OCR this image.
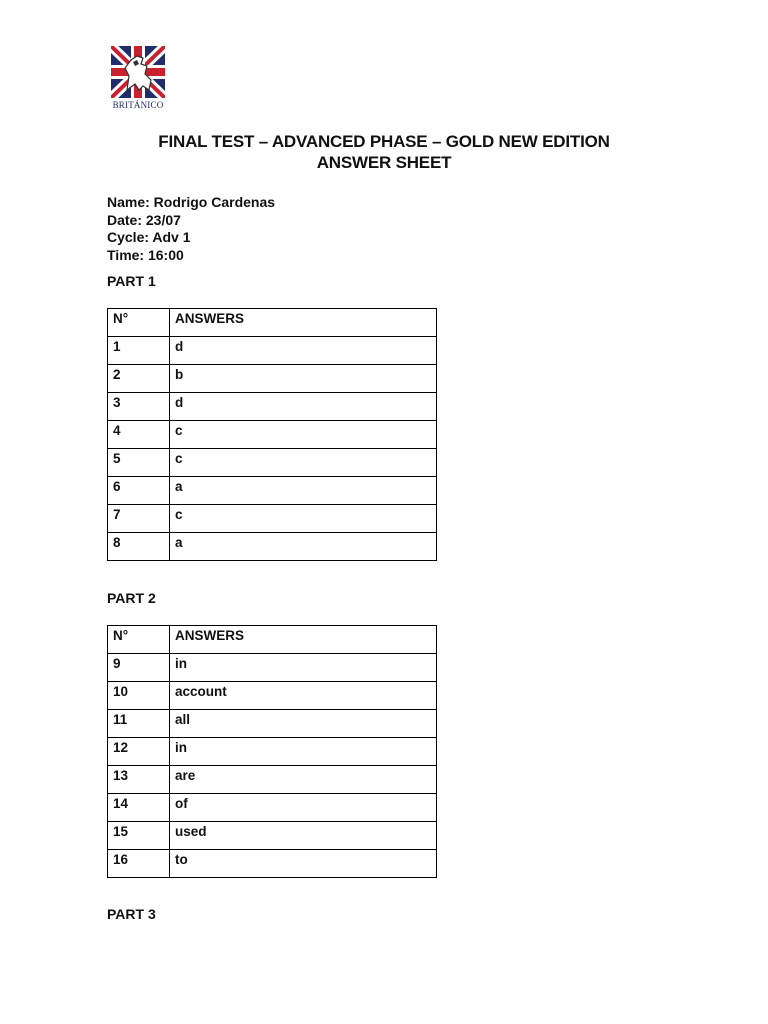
BRITÁNICO
FINAL TEST – ADVANCED PHASE – GOLD NEW EDITION
ANSWER SHEET
Name: Rodrigo Cardenas
Date: 23/07
Cycle: Adv 1
Time: 16:00
PART 1
N°	ANSWERS
1	d
2	b
3	d
4	c
5	c
6	a
7	c
8	a
PART 2
N°	ANSWERS
9	in
10	account
11	all
12	in
13	are
14	of
15	used
16	to
PART 3
